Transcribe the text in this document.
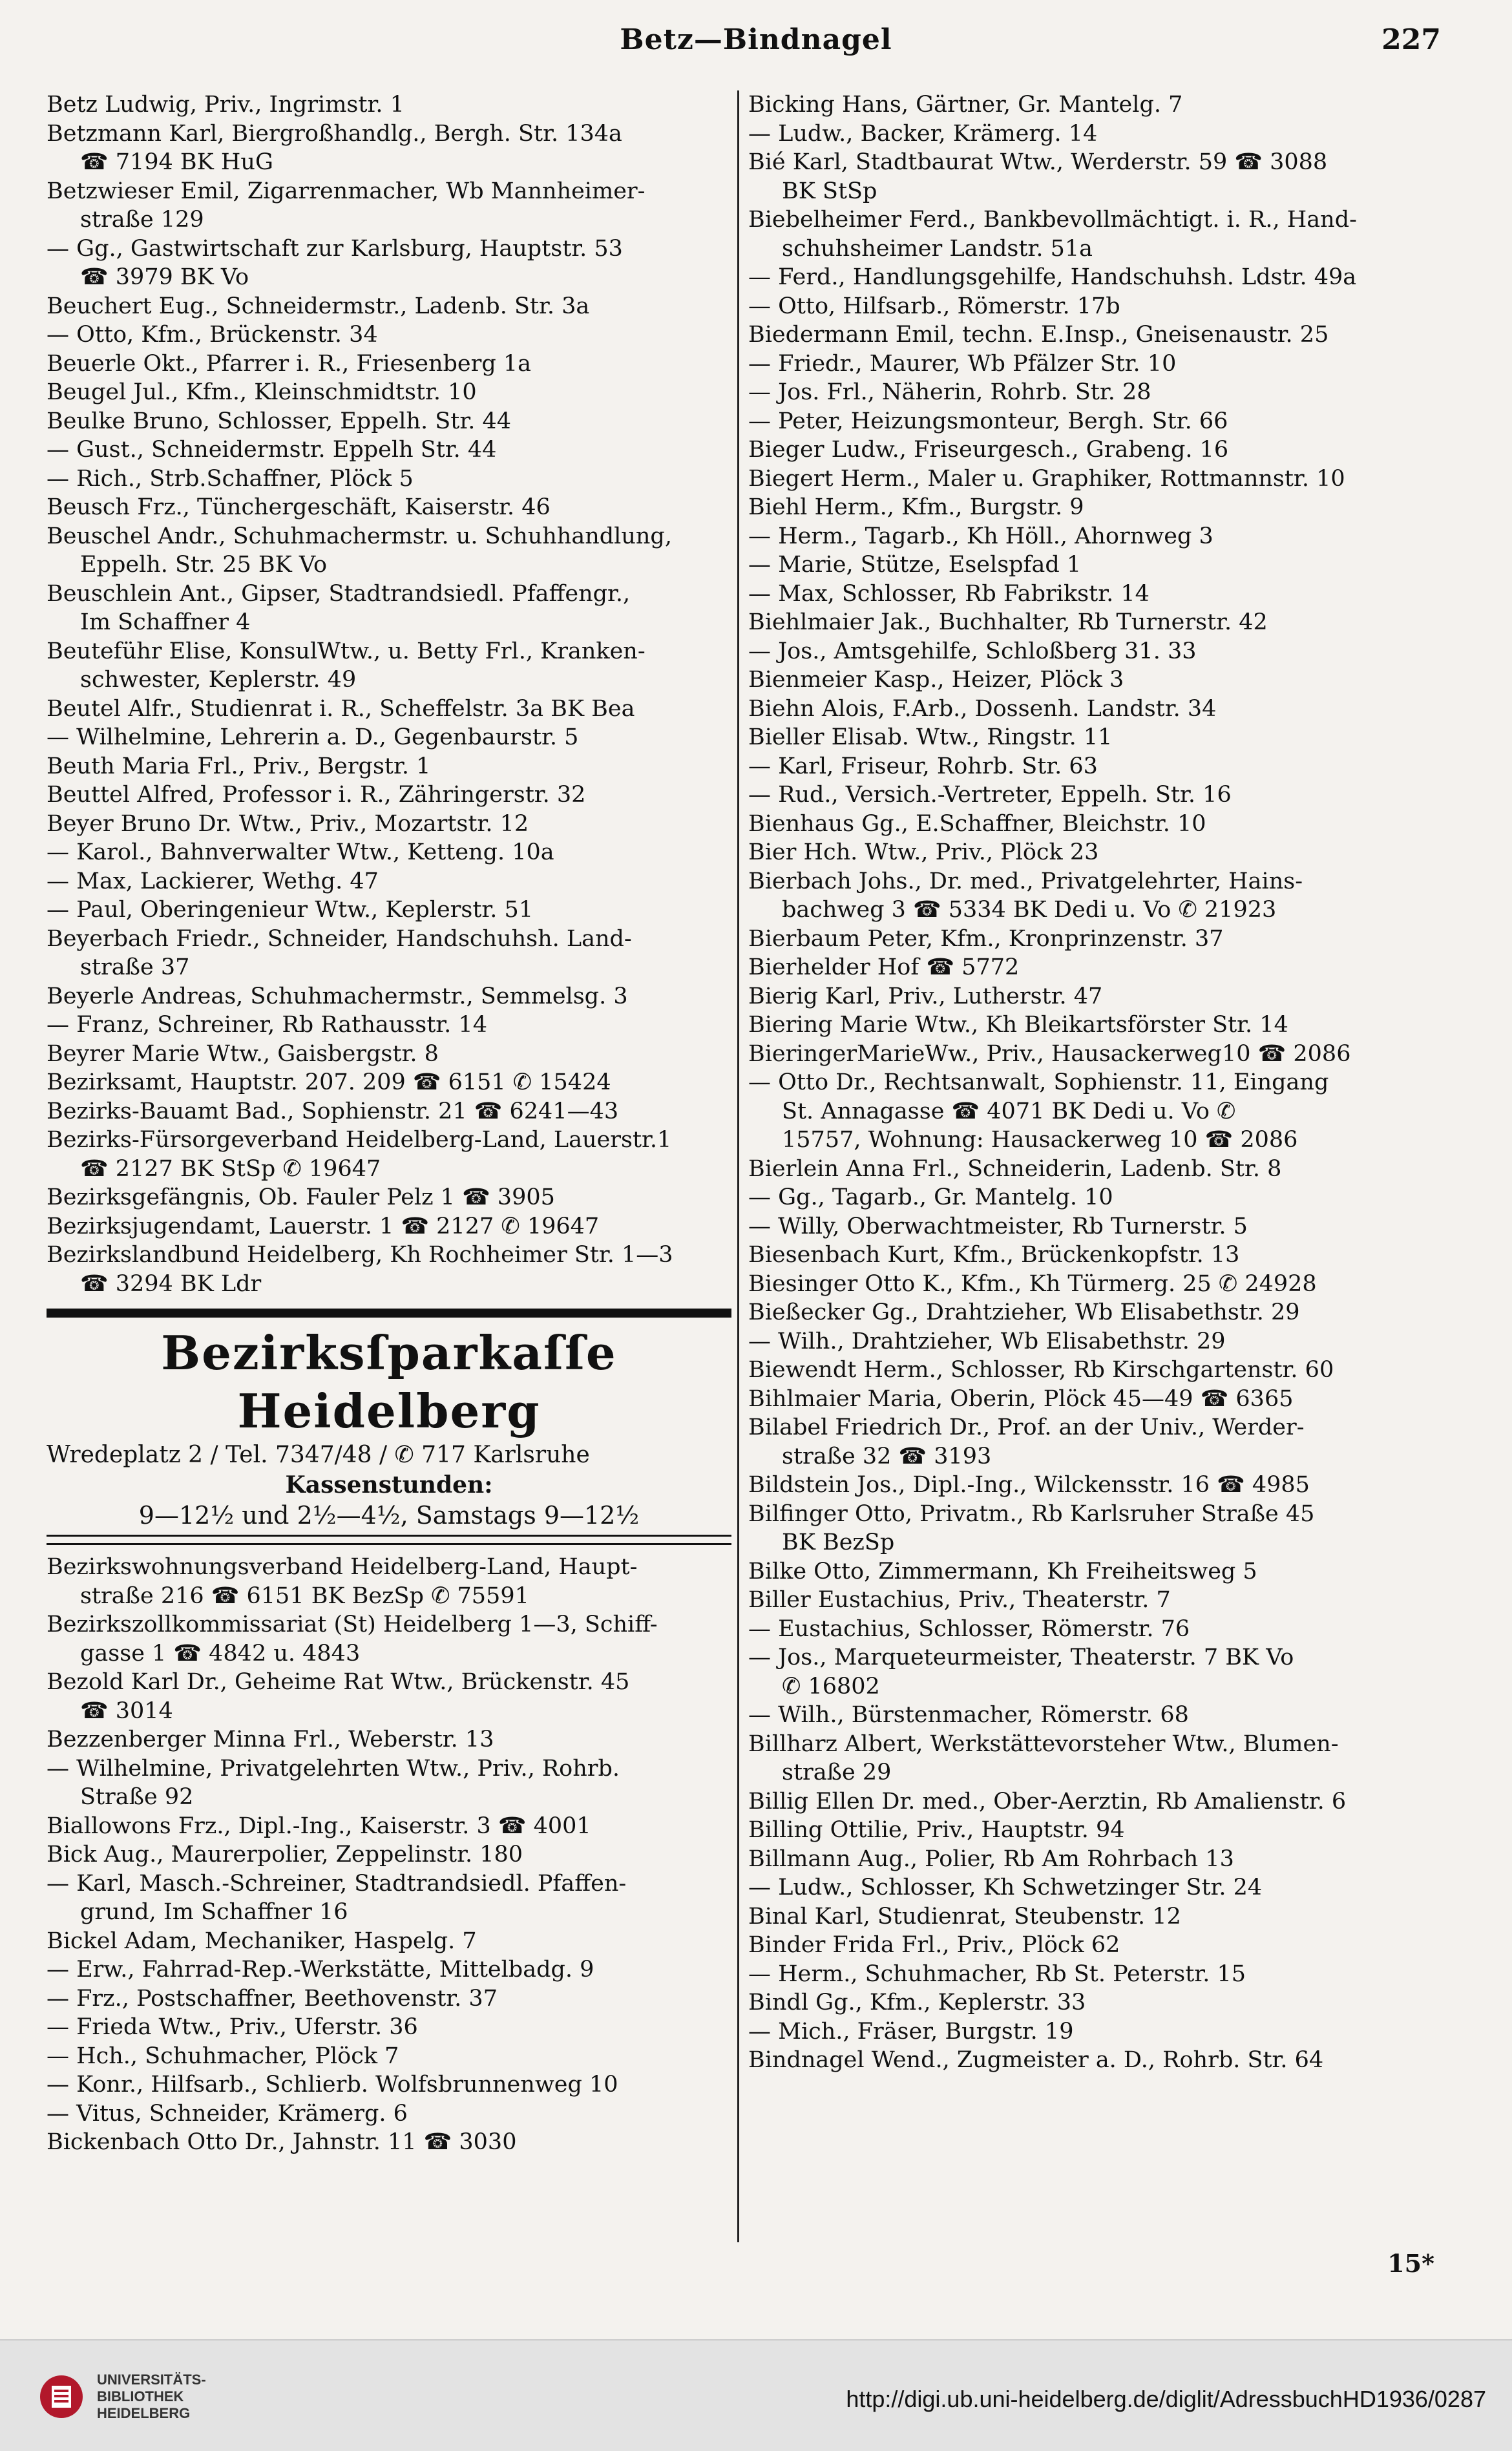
Betz—Bindnagel	227
Betz Ludwig, Priv., Ingrimstr. 1
Betzmann Karl, Biergroßhandlg., Bergh. Str. 134a
☎ 7194 BK HuG
Betzwieser Emil, Zigarrenmacher, Wb Mannheimer-
straße 129
— Gg., Gastwirtschaft zur Karlsburg, Hauptstr. 53
☎ 3979 BK Vo
Beuchert Eug., Schneidermstr., Ladenb. Str. 3a
— Otto, Kfm., Brückenstr. 34
Beuerle Okt., Pfarrer i. R., Friesenberg 1a
Beugel Jul., Kfm., Kleinschmidtstr. 10
Beulke Bruno, Schlosser, Eppelh. Str. 44
— Gust., Schneidermstr. Eppelh Str. 44
— Rich., Strb.Schaffner, Plöck 5
Beusch Frz., Tünchergeschäft, Kaiserstr. 46
Beuschel Andr., Schuhmachermstr. u. Schuhhandlung,
Eppelh. Str. 25 BK Vo
Beuschlein Ant., Gipser, Stadtrandsiedl. Pfaffengr.,
Im Schaffner 4
Beuteführ Elise, KonsulWtw., u. Betty Frl., Kranken-
schwester, Keplerstr. 49
Beutel Alfr., Studienrat i. R., Scheffelstr. 3a BK Bea
— Wilhelmine, Lehrerin a. D., Gegenbaurstr. 5
Beuth Maria Frl., Priv., Bergstr. 1
Beuttel Alfred, Professor i. R., Zähringerstr. 32
Beyer Bruno Dr. Wtw., Priv., Mozartstr. 12
— Karol., Bahnverwalter Wtw., Ketteng. 10a
— Max, Lackierer, Wethg. 47
— Paul, Oberingenieur Wtw., Keplerstr. 51
Beyerbach Friedr., Schneider, Handschuhsh. Land-
straße 37
Beyerle Andreas, Schuhmachermstr., Semmelsg. 3
— Franz, Schreiner, Rb Rathausstr. 14
Beyrer Marie Wtw., Gaisbergstr. 8
Bezirksamt, Hauptstr. 207. 209 ☎ 6151 ✆ 15424
Bezirks-Bauamt Bad., Sophienstr. 21 ☎ 6241—43
Bezirks-Fürsorgeverband Heidelberg-Land, Lauerstr.1
☎ 2127 BK StSp ✆ 19647
Bezirksgefängnis, Ob. Fauler Pelz 1 ☎ 3905
Bezirksjugendamt, Lauerstr. 1 ☎ 2127 ✆ 19647
Bezirkslandbund Heidelberg, Kh Rochheimer Str. 1—3
☎ 3294 BK Ldr
Bezirksſparkaſſe Heidelberg
Wredeplatz 2 / Tel. 7347/48 / ✆ 717 Karlsruhe
Kassenstunden:
9—12½ und 2½—4½, Samstags 9—12½
Bezirkswohnungsverband Heidelberg-Land, Haupt-
straße 216 ☎ 6151 BK BezSp ✆ 75591
Bezirkszollkommissariat (St) Heidelberg 1—3, Schiff-
gasse 1 ☎ 4842 u. 4843
Bezold Karl Dr., Geheime Rat Wtw., Brückenstr. 45
☎ 3014
Bezzenberger Minna Frl., Weberstr. 13
— Wilhelmine, Privatgelehrten Wtw., Priv., Rohrb.
Straße 92
Biallowons Frz., Dipl.-Ing., Kaiserstr. 3 ☎ 4001
Bick Aug., Maurerpolier, Zeppelinstr. 180
— Karl, Masch.-Schreiner, Stadtrandsiedl. Pfaffen-
grund, Im Schaffner 16
Bickel Adam, Mechaniker, Haspelg. 7
— Erw., Fahrrad-Rep.-Werkstätte, Mittelbadg. 9
— Frz., Postschaffner, Beethovenstr. 37
— Frieda Wtw., Priv., Uferstr. 36
— Hch., Schuhmacher, Plöck 7
— Konr., Hilfsarb., Schlierb. Wolfsbrunnenweg 10
— Vitus, Schneider, Krämerg. 6
Bickenbach Otto Dr., Jahnstr. 11 ☎ 3030
Bicking Hans, Gärtner, Gr. Mantelg. 7
— Ludw., Backer, Krämerg. 14
Bié Karl, Stadtbaurat Wtw., Werderstr. 59 ☎ 3088
BK StSp
Biebelheimer Ferd., Bankbevollmächtigt. i. R., Hand-
schuhsheimer Landstr. 51a
— Ferd., Handlungsgehilfe, Handschuhsh. Ldstr. 49a
— Otto, Hilfsarb., Römerstr. 17b
Biedermann Emil, techn. E.Insp., Gneisenaustr. 25
— Friedr., Maurer, Wb Pfälzer Str. 10
— Jos. Frl., Näherin, Rohrb. Str. 28
— Peter, Heizungsmonteur, Bergh. Str. 66
Bieger Ludw., Friseurgesch., Grabeng. 16
Biegert Herm., Maler u. Graphiker, Rottmannstr. 10
Biehl Herm., Kfm., Burgstr. 9
— Herm., Tagarb., Kh Höll., Ahornweg 3
— Marie, Stütze, Eselspfad 1
— Max, Schlosser, Rb Fabrikstr. 14
Biehlmaier Jak., Buchhalter, Rb Turnerstr. 42
— Jos., Amtsgehilfe, Schloßberg 31. 33
Bienmeier Kasp., Heizer, Plöck 3
Biehn Alois, F.Arb., Dossenh. Landstr. 34
Bieller Elisab. Wtw., Ringstr. 11
— Karl, Friseur, Rohrb. Str. 63
— Rud., Versich.-Vertreter, Eppelh. Str. 16
Bienhaus Gg., E.Schaffner, Bleichstr. 10
Bier Hch. Wtw., Priv., Plöck 23
Bierbach Johs., Dr. med., Privatgelehrter, Hains-
bachweg 3 ☎ 5334 BK Dedi u. Vo ✆ 21923
Bierbaum Peter, Kfm., Kronprinzenstr. 37
Bierhelder Hof ☎ 5772
Bierig Karl, Priv., Lutherstr. 47
Biering Marie Wtw., Kh Bleikartsförster Str. 14
BieringerMarieWw., Priv., Hausackerweg10 ☎ 2086
— Otto Dr., Rechtsanwalt, Sophienstr. 11, Eingang
St. Annagasse ☎ 4071 BK Dedi u. Vo ✆
15757, Wohnung: Hausackerweg 10 ☎ 2086
Bierlein Anna Frl., Schneiderin, Ladenb. Str. 8
— Gg., Tagarb., Gr. Mantelg. 10
— Willy, Oberwachtmeister, Rb Turnerstr. 5
Biesenbach Kurt, Kfm., Brückenkopfstr. 13
Biesinger Otto K., Kfm., Kh Türmerg. 25 ✆ 24928
Bießecker Gg., Drahtzieher, Wb Elisabethstr. 29
— Wilh., Drahtzieher, Wb Elisabethstr. 29
Biewendt Herm., Schlosser, Rb Kirschgartenstr. 60
Bihlmaier Maria, Oberin, Plöck 45—49 ☎ 6365
Bilabel Friedrich Dr., Prof. an der Univ., Werder-
straße 32 ☎ 3193
Bildstein Jos., Dipl.-Ing., Wilckensstr. 16 ☎ 4985
Bilfinger Otto, Privatm., Rb Karlsruher Straße 45
BK BezSp
Bilke Otto, Zimmermann, Kh Freiheitsweg 5
Biller Eustachius, Priv., Theaterstr. 7
— Eustachius, Schlosser, Römerstr. 76
— Jos., Marqueteurmeister, Theaterstr. 7 BK Vo
✆ 16802
— Wilh., Bürstenmacher, Römerstr. 68
Billharz Albert, Werkstättevorsteher Wtw., Blumen-
straße 29
Billig Ellen Dr. med., Ober-Aerztin, Rb Amalienstr. 6
Billing Ottilie, Priv., Hauptstr. 94
Billmann Aug., Polier, Rb Am Rohrbach 13
— Ludw., Schlosser, Kh Schwetzinger Str. 24
Binal Karl, Studienrat, Steubenstr. 12
Binder Frida Frl., Priv., Plöck 62
— Herm., Schuhmacher, Rb St. Peterstr. 15
Bindl Gg., Kfm., Keplerstr. 33
— Mich., Fräser, Burgstr. 19
Bindnagel Wend., Zugmeister a. D., Rohrb. Str. 64
15*
UNIVERSITÄTS-
BIBLIOTHEK
HEIDELBERG
http://digi.ub.uni-heidelberg.de/diglit/AdressbuchHD1936/0287
